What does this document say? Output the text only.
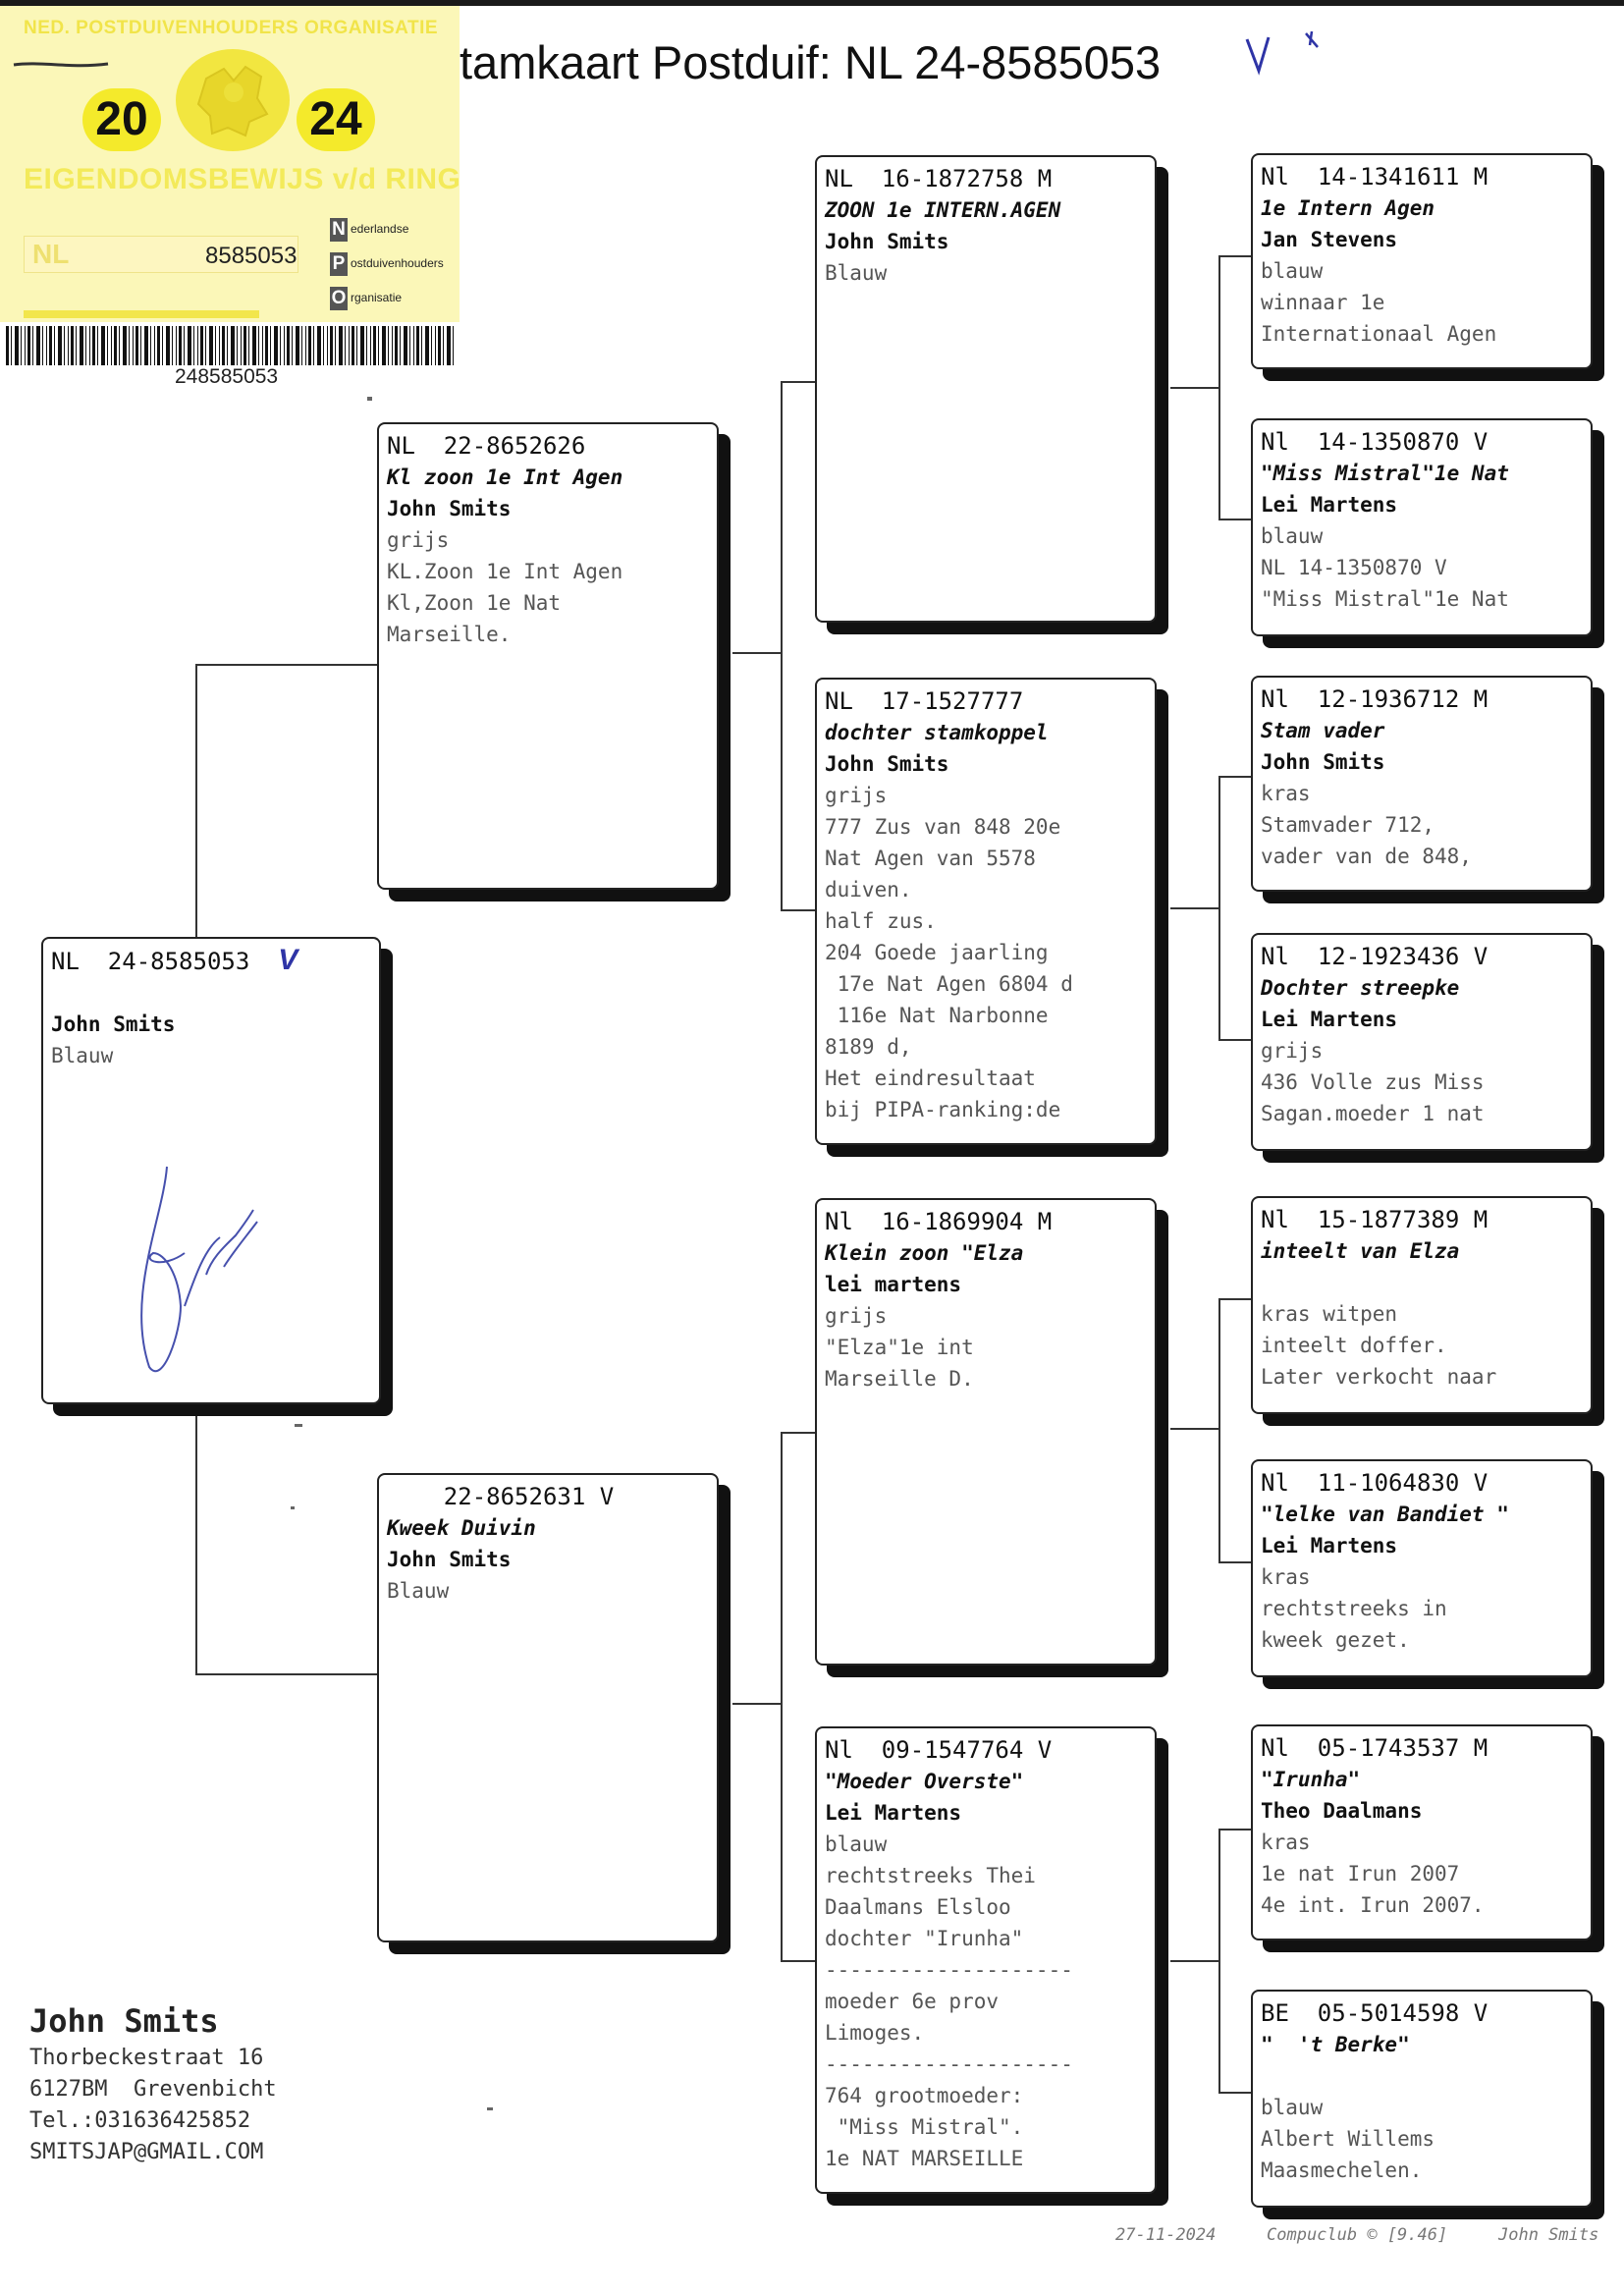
NED. POSTDUIVENHOUDERS ORGANISATIE
20	24
EIGENDOMSBEWIJS v/d RING
NL	8585053
N ederlandse
P ostduivenhouders
O rganisatie
248585053
tamkaart Postduif: NL 24-8585053
NL  24-8585053 V
John Smits
Blauw
NL  22-8652626
Kl zoon 1e Int Agen
John Smits
grijs
KL.Zoon 1e Int Agen
Kl,Zoon 1e Nat
Marseille.
22-8652631 V
Kweek Duivin
John Smits
Blauw
NL  16-1872758 M
ZOON 1e INTERN.AGEN
John Smits
Blauw
NL  17-1527777
dochter stamkoppel
John Smits
grijs
777 Zus van 848 20e
Nat Agen van 5578
duiven.
half zus.
204 Goede jaarling
17e Nat Agen 6804 d
116e Nat Narbonne
8189 d,
Het eindresultaat
bij PIPA-ranking:de
Nl  16-1869904 M
Klein zoon "Elza
lei martens
grijs
"Elza"1e int
Marseille D.
Nl  09-1547764 V
"Moeder Overste"
Lei Martens
blauw
rechtstreeks Thei
Daalmans Elsloo
dochter "Irunha"
--------------------
moeder 6e prov
Limoges.
--------------------
764 grootmoeder:
"Miss Mistral".
1e NAT MARSEILLE
Nl  14-1341611 M
1e Intern Agen
Jan Stevens
blauw
winnaar 1e
Internationaal Agen
Nl  14-1350870 V
"Miss Mistral"1e Nat
Lei Martens
blauw
NL 14-1350870 V
"Miss Mistral"1e Nat
Nl  12-1936712 M
Stam vader
John Smits
kras
Stamvader 712,
vader van de 848,
Nl  12-1923436 V
Dochter streepke
Lei Martens
grijs
436 Volle zus Miss
Sagan.moeder 1 nat
Nl  15-1877389 M
inteelt van Elza
kras witpen
inteelt doffer.
Later verkocht naar
Nl  11-1064830 V
"lelke van Bandiet "
Lei Martens
kras
rechtstreeks in
kweek gezet.
Nl  05-1743537 M
"Irunha"
Theo Daalmans
kras
1e nat Irun 2007
4e int. Irun 2007.
BE  05-5014598 V
"  't Berke"
blauw
Albert Willems
Maasmechelen.
John Smits
Thorbeckestraat 16
6127BM  Grevenbicht
Tel.:031636425852
SMITSJAP@GMAIL.COM
27-11-2024	Compuclub © [9.46]	John Smits
